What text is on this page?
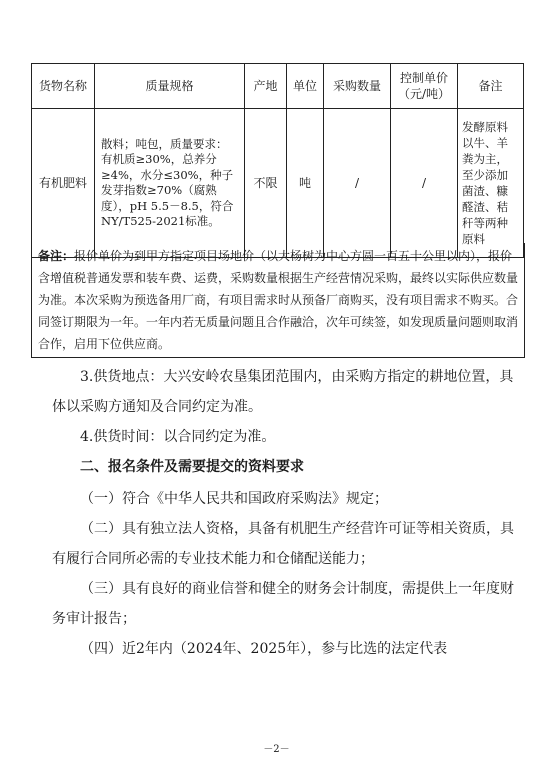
货物名称	质量规格	产地	单位	采购数量	控制单价（元/吨）	备注
有机肥料	散料；吨包，质量要求：有机质≥30%，总养分≥4%，水分≤30%，种子发芽指数≥70%（腐熟度），pH 5.5－8.5，符合NY/T525-2021标准。	不限	吨	/	/	发酵原料以牛、羊粪为主，至少添加菌渣、糠醛渣、秸秆等两种原料
备注：报价单价为到甲方指定项目场地价（以大杨树为中心方圆一百五十公里以内），报价含增值税普通发票和装车费、运费，采购数量根据生产经营情况采购，最终以实际供应数量为准。本次采购为预选备用厂商，有项目需求时从预备厂商购买，没有项目需求不购买。合同签订期限为一年。一年内若无质量问题且合作融洽，次年可续签，如发现质量问题则取消合作，启用下位供应商。
3.供货地点：大兴安岭农垦集团范围内，由采购方指定的耕地位置，具体以采购方通知及合同约定为准。
4.供货时间：以合同约定为准。
二、报名条件及需要提交的资料要求
（一）符合《中华人民共和国政府采购法》规定；
（二）具有独立法人资格，具备有机肥生产经营许可证等相关资质，具有履行合同所必需的专业技术能力和仓储配送能力；
（三）具有良好的商业信誉和健全的财务会计制度，需提供上一年度财务审计报告；
（四）近2年内（2024年、2025年），参与比选的法定代表
－2－
